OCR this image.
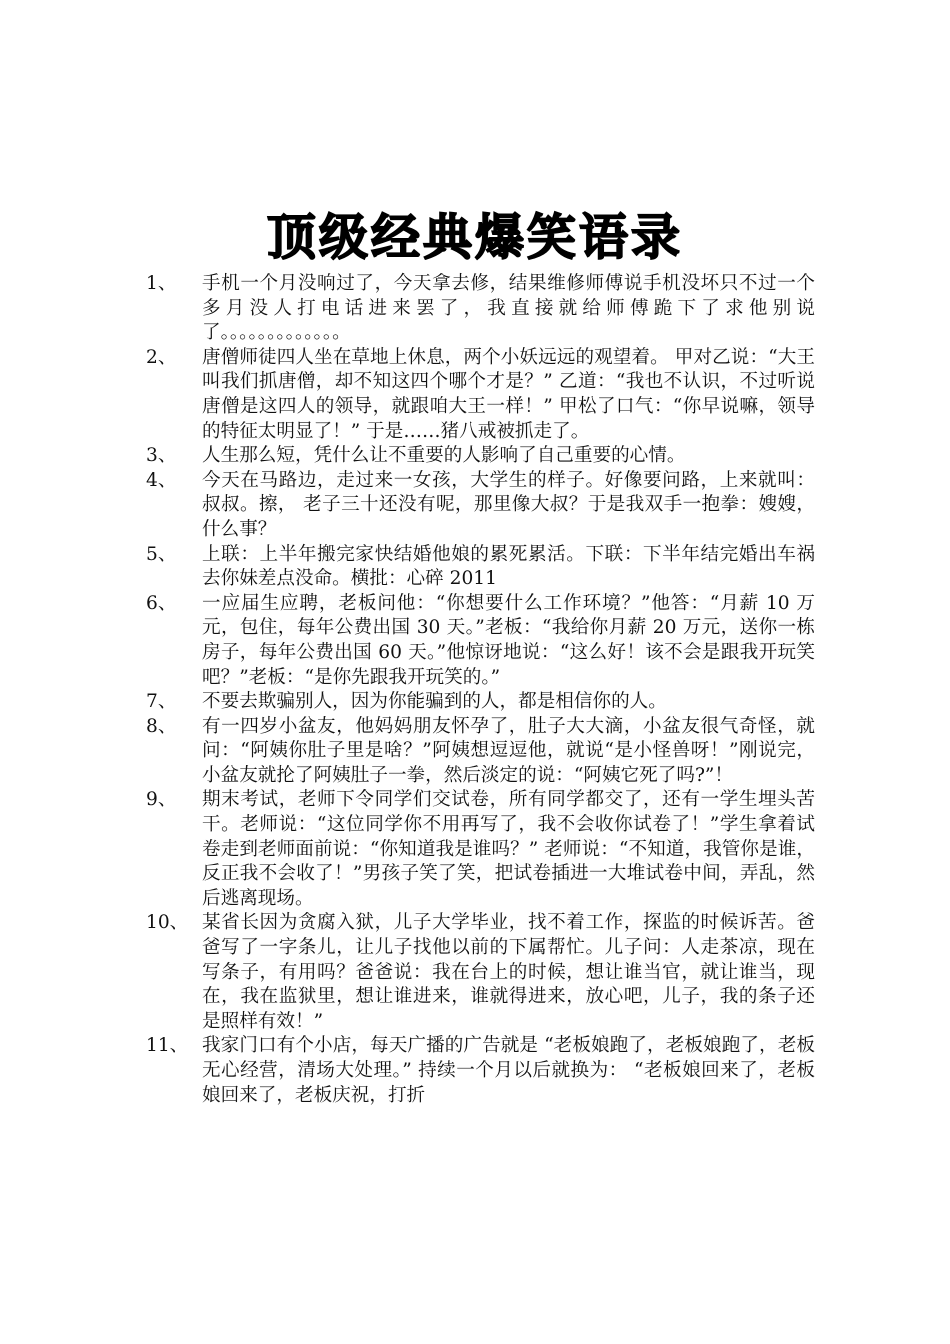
顶级经典爆笑语录
1、 手机一个月没响过了，今天拿去修，结果维修师傅说手机没坏只不过一个多月没人打电话进来罢了，我直接就给师傅跪下了求他别说了。。。。。。。。。。。。。
2、 唐僧师徒四人坐在草地上休息，两个小妖远远的观望着。 甲对乙说：“大王叫我们抓唐僧，却不知这四个哪个才是？” 乙道：“我也不认识，不过听说唐僧是这四人的领导，就跟咱大王一样！” 甲松了口气：“你早说嘛，领导的特征太明显了！” 于是……猪八戒被抓走了。
3、 人生那么短，凭什么让不重要的人影响了自己重要的心情。
4、 今天在马路边，走过来一女孩，大学生的样子。好像要问路，上来就叫：叔叔。擦， 老子三十还没有呢，那里像大叔？于是我双手一抱拳：嫂嫂，什么事？
5、 上联：上半年搬完家快结婚他娘的累死累活。下联：下半年结完婚出车祸去你妹差点没命。横批：心碎 2011
6、 一应届生应聘，老板问他：“你想要什么工作环境？”他答：“月薪 10 万元，包住，每年公费出国 30 天。”老板：“我给你月薪 20 万元，送你一栋房子，每年公费出国 60 天。”他惊讶地说：“这么好！该不会是跟我开玩笑吧？”老板：“是你先跟我开玩笑的。”
7、 不要去欺骗别人，因为你能骗到的人，都是相信你的人。
8、 有一四岁小盆友，他妈妈朋友怀孕了，肚子大大滴，小盆友很气奇怪，就问：“阿姨你肚子里是啥？”阿姨想逗逗他，就说“是小怪兽呀！”刚说完，小盆友就抡了阿姨肚子一拳，然后淡定的说：“阿姨它死了吗?”！
9、 期末考试，老师下令同学们交试卷，所有同学都交了，还有一学生埋头苦干。老师说：“这位同学你不用再写了，我不会收你试卷了！”学生拿着试卷走到老师面前说：“你知道我是谁吗？” 老师说：“不知道，我管你是谁，反正我不会收了！”男孩子笑了笑，把试卷插进一大堆试卷中间，弄乱，然后逃离现场。
10、 某省长因为贪腐入狱，儿子大学毕业，找不着工作，探监的时候诉苦。爸爸写了一字条儿，让儿子找他以前的下属帮忙。儿子问：人走茶凉，现在写条子，有用吗？爸爸说：我在台上的时候，想让谁当官，就让谁当，现在，我在监狱里，想让谁进来，谁就得进来，放心吧，儿子，我的条子还是照样有效！”
11、 我家门口有个小店，每天广播的广告就是 “老板娘跑了，老板娘跑了，老板无心经营，清场大处理。” 持续一个月以后就换为： “老板娘回来了，老板娘回来了，老板庆祝，打折
